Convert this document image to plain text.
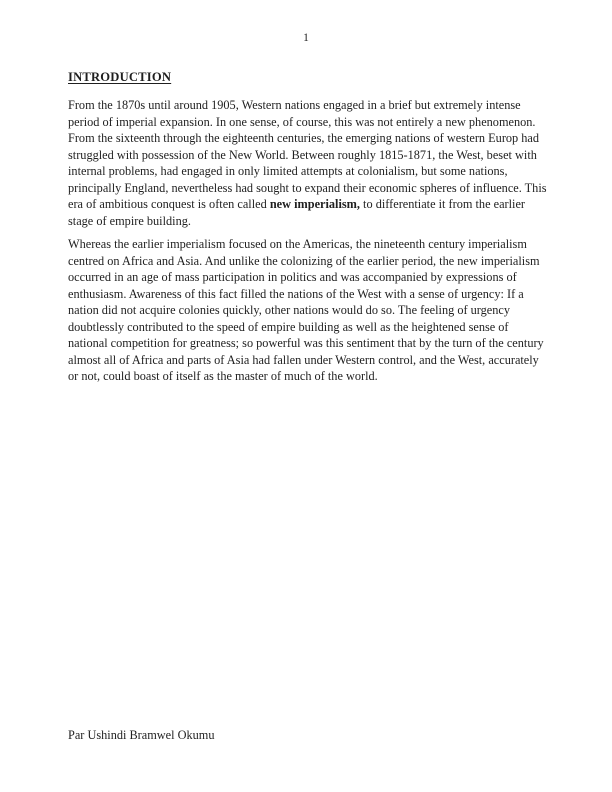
1
INTRODUCTION

From the 1870s until around 1905, Western nations engaged in a brief but extremely intense period of imperial expansion. In one sense, of course, this was not entirely a new phenomenon. From the sixteenth through the eighteenth centuries, the emerging nations of western Europ had struggled with possession of the New World. Between roughly 1815-1871, the West, beset with internal problems, had engaged in only limited attempts at colonialism, but some nations, principally England, nevertheless had sought to expand their economic spheres of influence. This era of ambitious conquest is often called new imperialism, to differentiate it from the earlier stage of empire building.

Whereas the earlier imperialism focused on the Americas, the nineteenth century imperialism centred on Africa and Asia. And unlike the colonizing of the earlier period, the new imperialism occurred in an age of mass participation in politics and was accompanied by expressions of enthusiasm. Awareness of this fact filled the nations of the West with a sense of urgency: If a nation did not acquire colonies quickly, other nations would do so. The feeling of urgency doubtlessly contributed to the speed of empire building as well as the heightened sense of national competition for greatness; so powerful was this sentiment that by the turn of the century almost all of Africa and parts of Asia had fallen under Western control, and the West, accurately or not, could boast of itself as the master of much of the world.

Par Ushindi Bramwel Okumu
